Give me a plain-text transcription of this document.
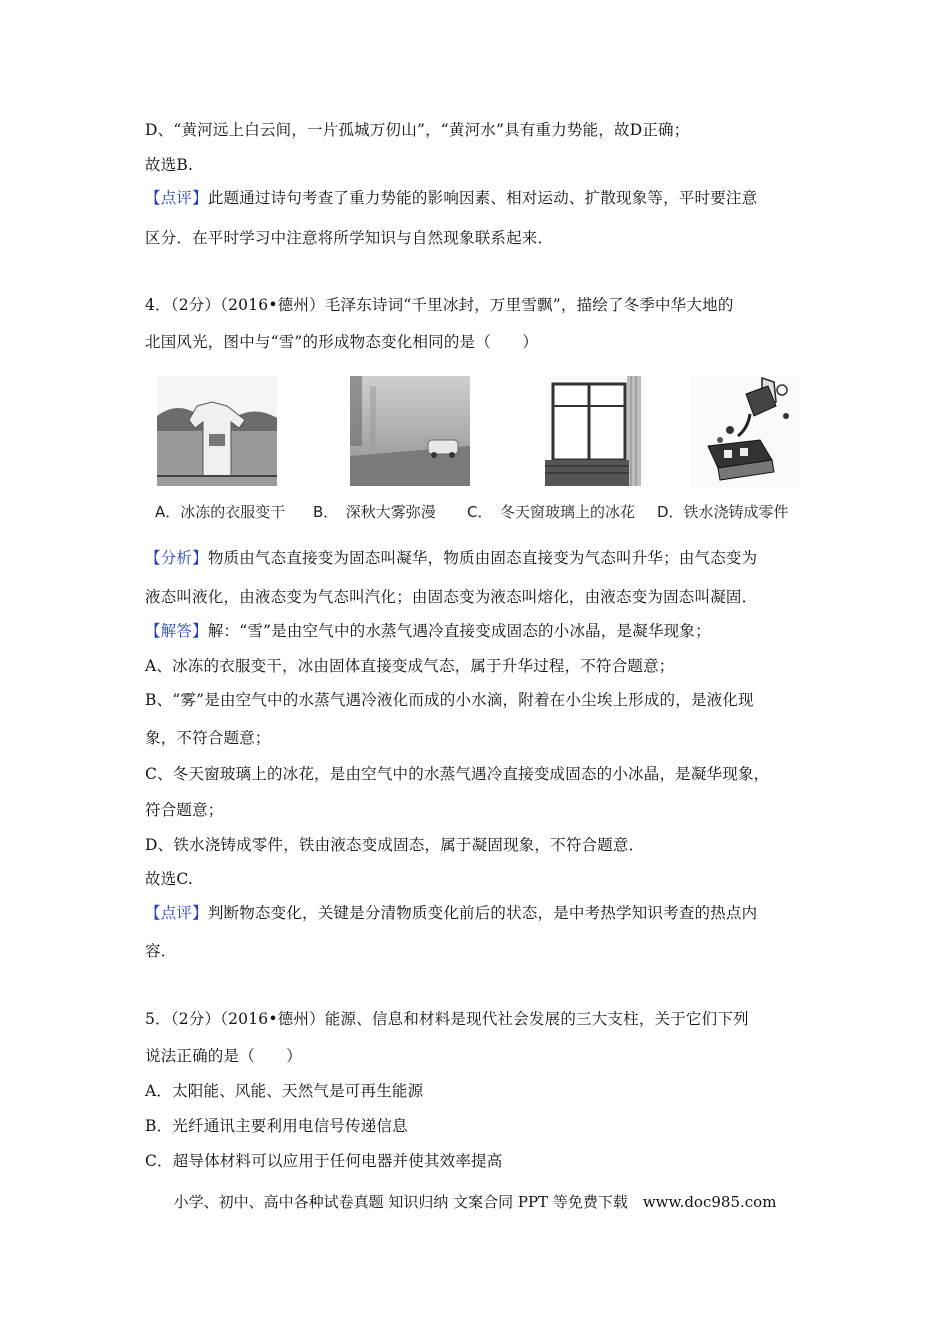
D、“黄河远上白云间，一片孤城万仞山”，“黄河水”具有重力势能，故D正确；
故选B.
【点评】此题通过诗句考查了重力势能的影响因素、相对运动、扩散现象等，平时要注意
区分．在平时学习中注意将所学知识与自然现象联系起来．
4．（2分）（2016•德州）毛泽东诗词“千里冰封，万里雪飘”，描绘了冬季中华大地的
北国风光，图中与“雪”的形成物态变化相同的是（　　）
A．冰冻的衣服变干 B．　深秋大雾弥漫 C．　冬天窗玻璃上的冰花 D．铁水浇铸成零件
【分析】物质由气态直接变为固态叫凝华，物质由固态直接变为气态叫升华；由气态变为
液态叫液化，由液态变为气态叫汽化；由固态变为液态叫熔化，由液态变为固态叫凝固．
【解答】解：“雪”是由空气中的水蒸气遇冷直接变成固态的小冰晶，是凝华现象；
A、冰冻的衣服变干，冰由固体直接变成气态，属于升华过程，不符合题意；
B、“雾”是由空气中的水蒸气遇冷液化而成的小水滴，附着在小尘埃上形成的，是液化现
象，不符合题意；
C、冬天窗玻璃上的冰花，是由空气中的水蒸气遇冷直接变成固态的小冰晶，是凝华现象，
符合题意；
D、铁水浇铸成零件，铁由液态变成固态，属于凝固现象，不符合题意．
故选C.
【点评】判断物态变化，关键是分清物质变化前后的状态，是中考热学知识考查的热点内
容．
5．（2分）（2016•德州）能源、信息和材料是现代社会发展的三大支柱，关于它们下列
说法正确的是（　　）
A．太阳能、风能、天然气是可再生能源
B．光纤通讯主要利用电信号传递信息
C．超导体材料可以应用于任何电器并使其效率提高
小学、初中、高中各种试卷真题 知识归纳 文案合同 PPT 等免费下载　www.doc985.com
